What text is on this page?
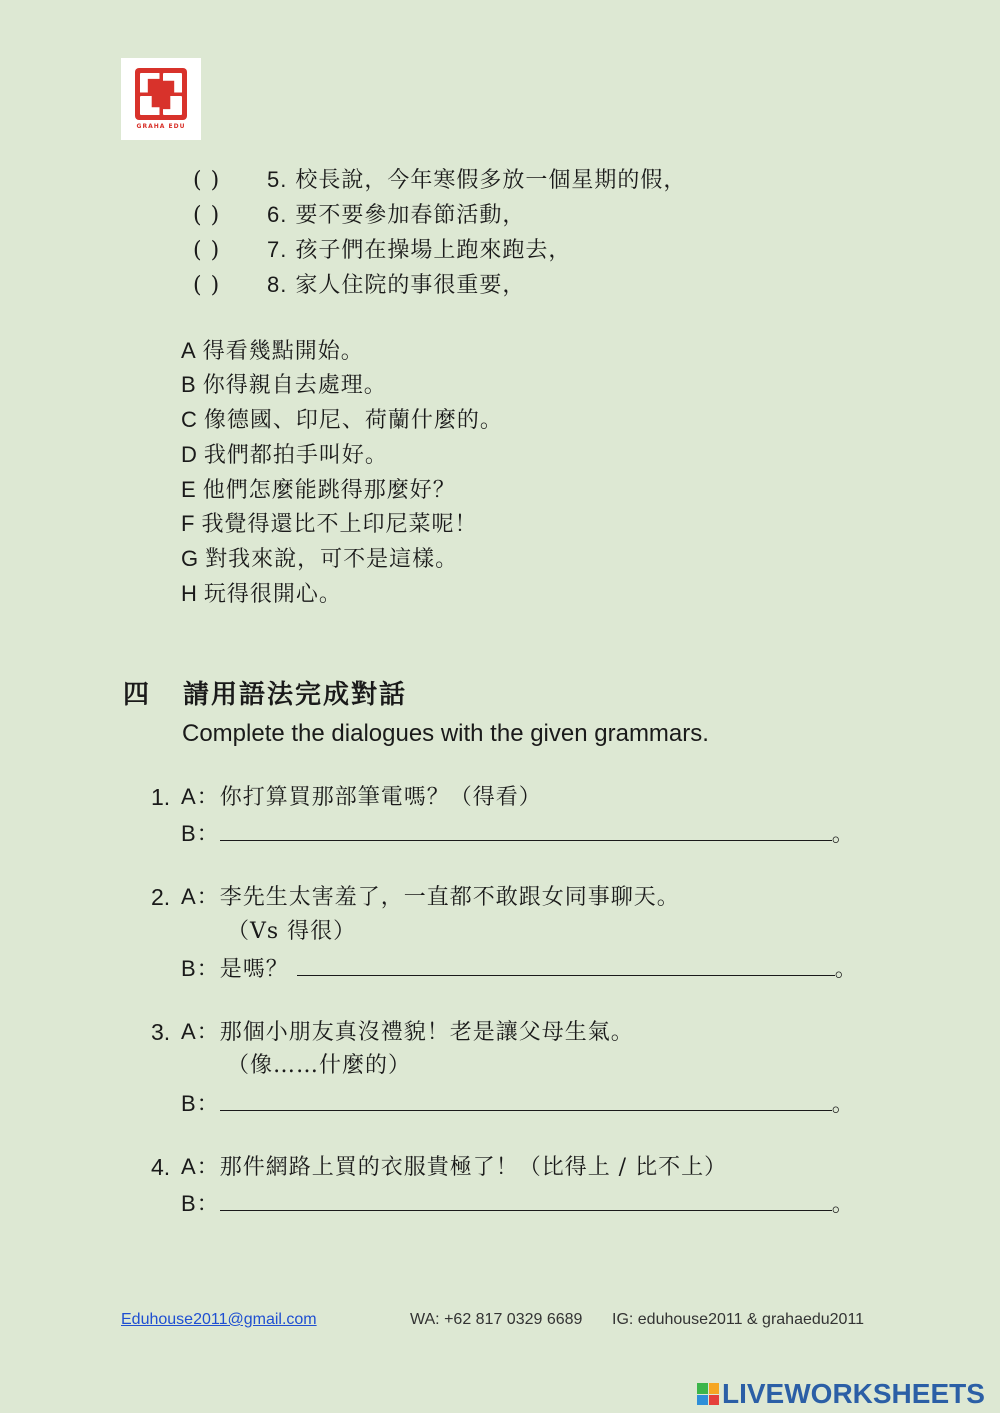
GRAHA EDU
( ) 5. 校長說，今年寒假多放一個星期的假，
( ) 6. 要不要參加春節活動，
( ) 7. 孩子們在操場上跑來跑去，
( ) 8. 家人住院的事很重要，
A 得看幾點開始。
B 你得親自去處理。
C 像德國、印尼、荷蘭什麼的。
D 我們都拍手叫好。
E 他們怎麼能跳得那麼好？
F 我覺得還比不上印尼菜呢！
G 對我來說，可不是這樣。
H 玩得很開心。
四 請用語法完成對話
Complete the dialogues with the given grammars.
1. A：你打算買那部筆電嗎？（得看）
B：	。
2. A：李先生太害羞了，一直都不敢跟女同事聊天。
（Vs 得很）
B：是嗎？	。
3. A：那個小朋友真沒禮貌！老是讓父母生氣。
（像……什麼的）
B：	。
4. A：那件網路上買的衣服貴極了！（比得上 / 比不上）
B：	。
Eduhouse2011@gmail.com	WA: +62 817 0329 6689 IG: eduhouse2011 & grahaedu2011
LIVEWORKSHEETS
